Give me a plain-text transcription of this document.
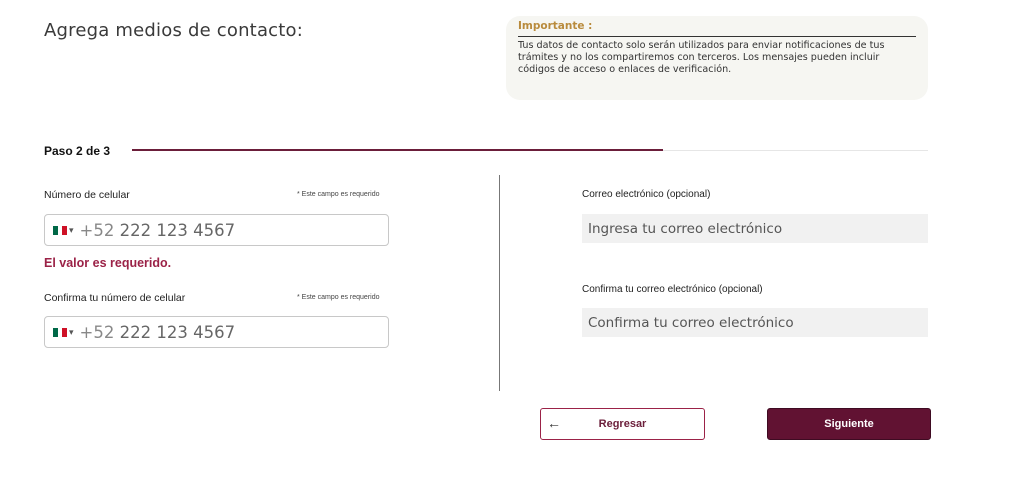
Agrega medios de contacto:	Importante :
Tus datos de contacto solo serán utilizados para enviar notificaciones de tus trámites y no los compartiremos con terceros. Los mensajes pueden incluir códigos de acceso o enlaces de verificación.
Paso 2 de 3
Número de celular	* Este campo es requerido
▾ +52 222 123 4567
El valor es requerido.
Confirma tu número de celular	* Este campo es requerido
▾ +52 222 123 4567
Correo electrónico (opcional)
Ingresa tu correo electrónico
Confirma tu correo electrónico (opcional)
Confirma tu correo electrónico
←	Regresar	Siguiente
